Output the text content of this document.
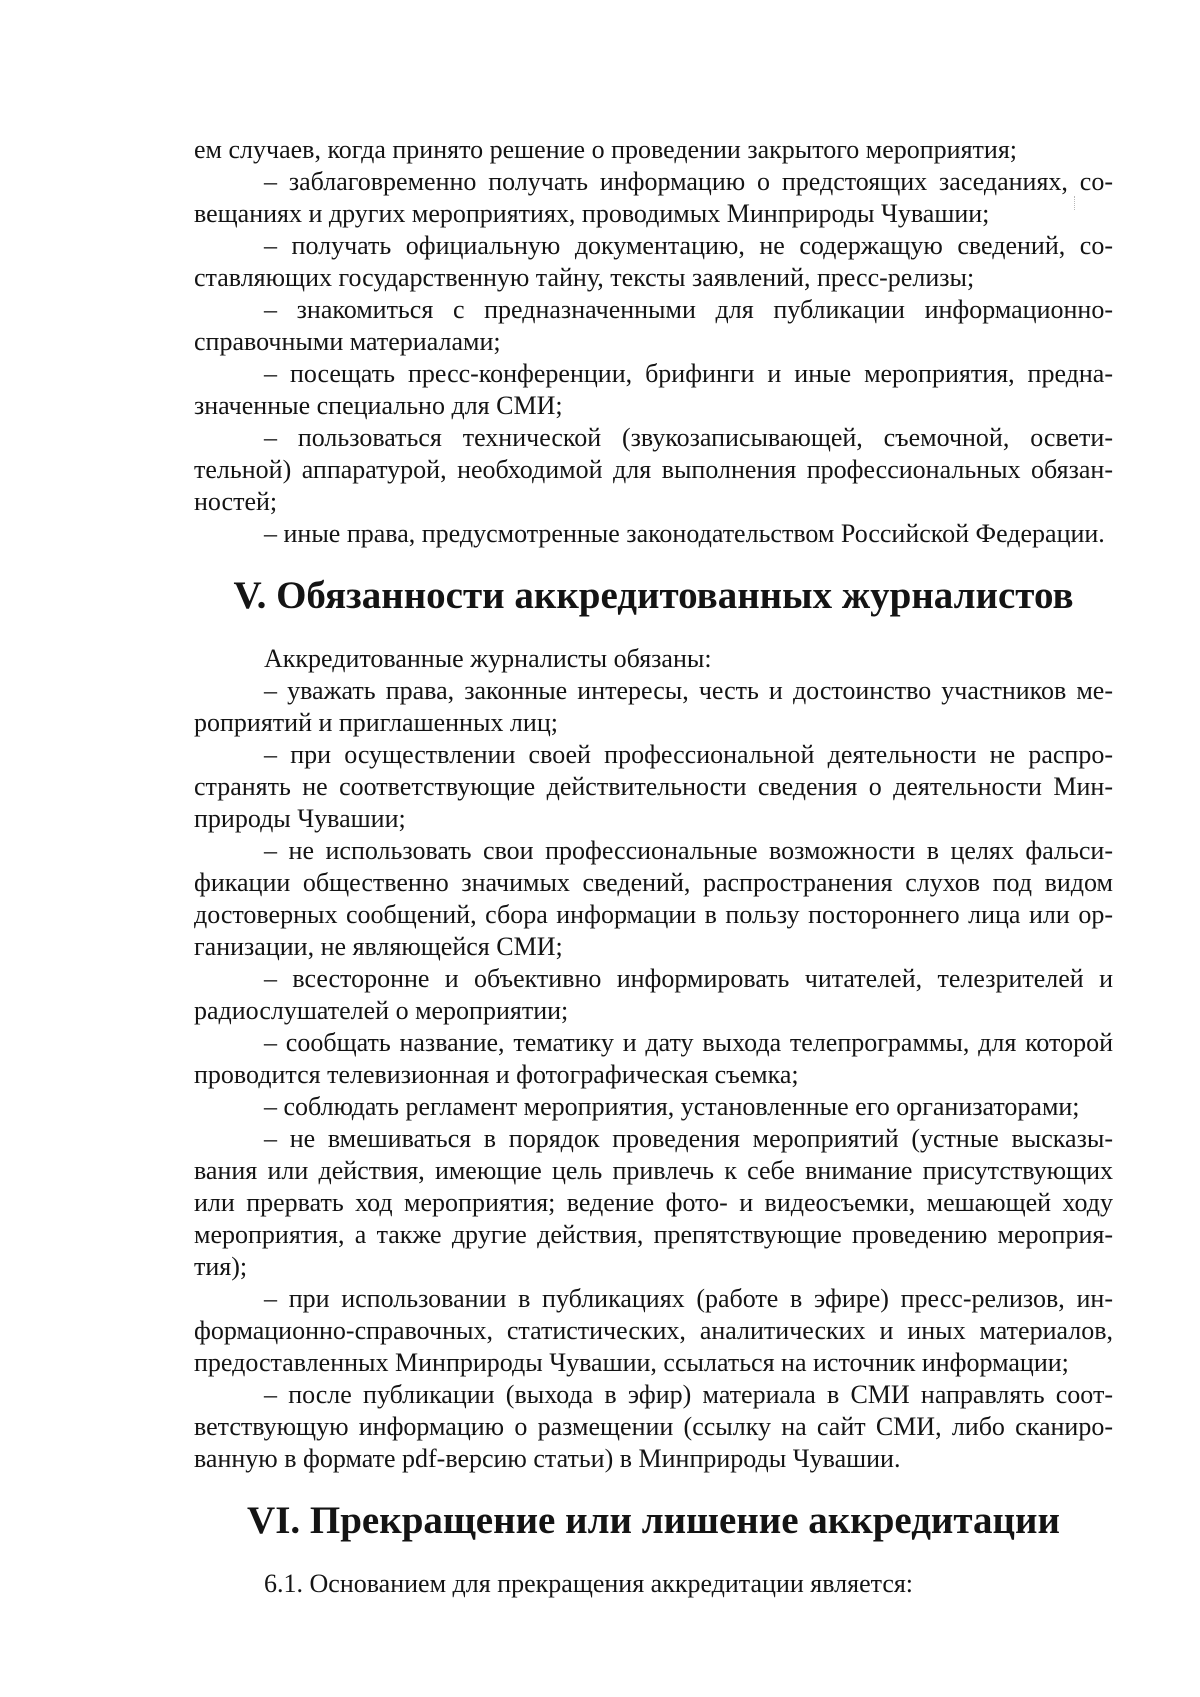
ем случаев, когда принято решение о проведении закрытого мероприятия;

– заблаговременно получать информацию о предстоящих заседаниях, совещаниях и других мероприятиях, проводимых Минприроды Чувашии;

– получать официальную документацию, не содержащую сведений, составляющих государственную тайну, тексты заявлений, пресс-релизы;

– знакомиться с предназначенными для публикации информационно-справочными материалами;

– посещать пресс-конференции, брифинги и иные мероприятия, предназначенные специально для СМИ;

– пользоваться технической (звукозаписывающей, съемочной, осветительной) аппаратурой, необходимой для выполнения профессиональных обязанностей;

– иные права, предусмотренные законодательством Российской Федерации.

V. Обязанности аккредитованных журналистов

Аккредитованные журналисты обязаны:

– уважать права, законные интересы, честь и достоинство участников мероприятий и приглашенных лиц;

– при осуществлении своей профессиональной деятельности не распространять не соответствующие действительности сведения о деятельности Минприроды Чувашии;

– не использовать свои профессиональные возможности в целях фальсификации общественно значимых сведений, распространения слухов под видом достоверных сообщений, сбора информации в пользу постороннего лица или организации, не являющейся СМИ;

– всесторонне и объективно информировать читателей, телезрителей и радиослушателей о мероприятии;

– сообщать название, тематику и дату выхода телепрограммы, для которой проводится телевизионная и фотографическая съемка;

– соблюдать регламент мероприятия, установленные его организаторами;

– не вмешиваться в порядок проведения мероприятий (устные высказывания или действия, имеющие цель привлечь к себе внимание присутствующих или прервать ход мероприятия; ведение фото- и видеосъемки, мешающей ходу мероприятия, а также другие действия, препятствующие проведению мероприятия);

– при использовании в публикациях (работе в эфире) пресс-релизов, информационно-справочных, статистических, аналитических и иных материалов, предоставленных Минприроды Чувашии, ссылаться на источник информации;

– после публикации (выхода в эфир) материала в СМИ направлять соответствующую информацию о размещении (ссылку на сайт СМИ, либо сканированную в формате pdf-версию статьи) в Минприроды Чувашии.

VI. Прекращение или лишение аккредитации

6.1. Основанием для прекращения аккредитации является:
